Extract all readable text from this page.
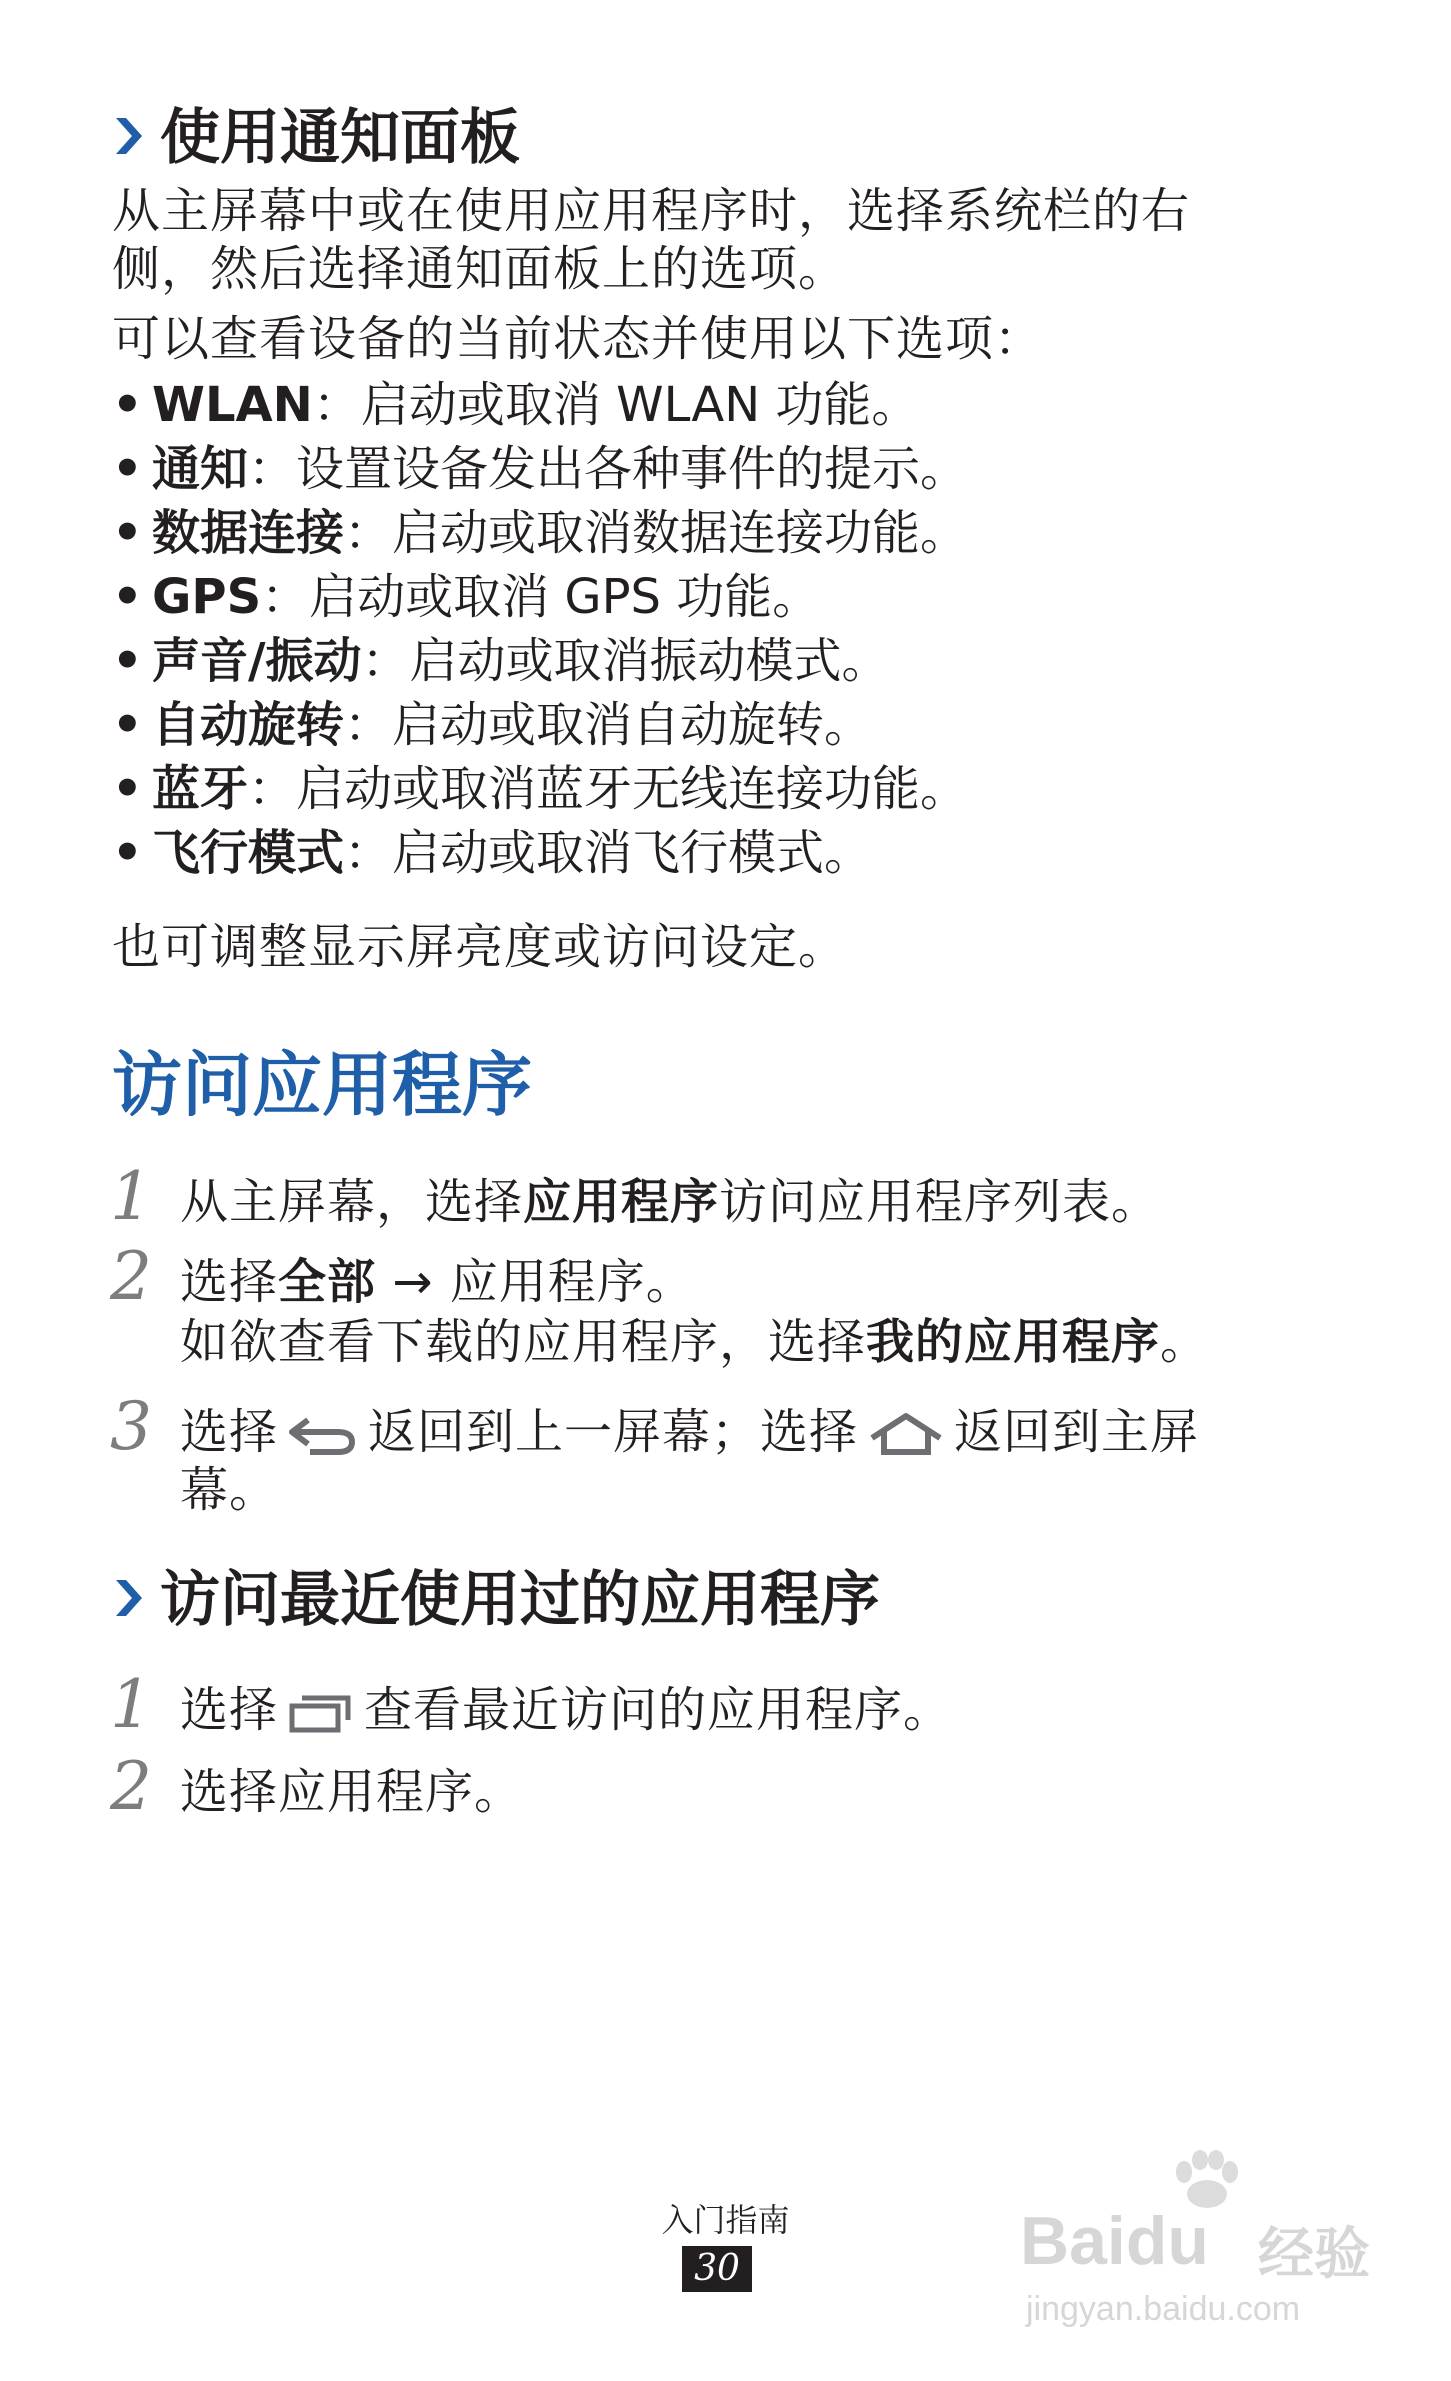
使用通知面板
从主屏幕中或在使用应用程序时，选择系统栏的右
侧，然后选择通知面板上的选项。
可以查看设备的当前状态并使用以下选项：
• WLAN：启动或取消 WLAN 功能。
• 通知：设置设备发出各种事件的提示。
• 数据连接：启动或取消数据连接功能。
• GPS：启动或取消 GPS 功能。
• 声音/振动：启动或取消振动模式。
• 自动旋转：启动或取消自动旋转。
• 蓝牙：启动或取消蓝牙无线连接功能。
• 飞行模式：启动或取消飞行模式。
也可调整显示屏亮度或访问设定。
访问应用程序
1 从主屏幕，选择应用程序访问应用程序列表。
2 选择全部 → 应用程序。
如欲查看下载的应用程序，选择我的应用程序。
3 选择 返回到上一屏幕；选择 返回到主屏
幕。
访问最近使用过的应用程序
1 选择 查看最近访问的应用程序。
2 选择应用程序。
入门指南
30	Baidu 经验
jingyan.baidu.com
